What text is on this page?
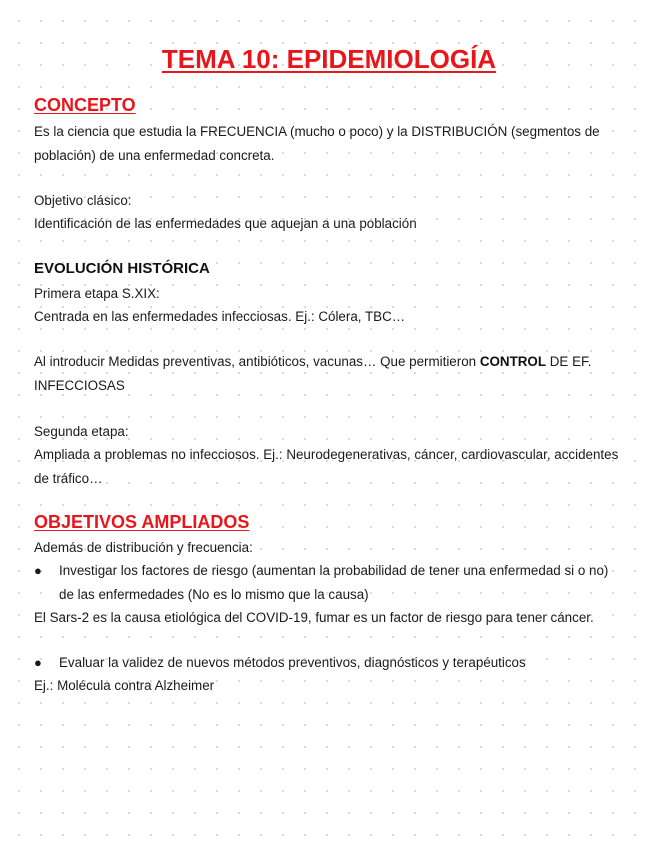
TEMA 10: EPIDEMIOLOGÍA
CONCEPTO

Es la ciencia que estudia la FRECUENCIA (mucho o poco) y la DISTRIBUCIÓN (segmentos de población) de una enfermedad concreta.

Objetivo clásico:

Identificación de las enfermedades que aquejan a una población

EVOLUCIÓN HISTÓRICA

Primera etapa S.XIX:

Centrada en las enfermedades infecciosas. Ej.: Cólera, TBC…

Al introducir Medidas preventivas, antibióticos, vacunas… Que permitieron CONTROL DE EF. INFECCIOSAS

Segunda etapa:

Ampliada a problemas no infecciosos. Ej.: Neurodegenerativas, cáncer, cardiovascular, accidentes de tráfico…

OBJETIVOS AMPLIADOS

Además de distribución y frecuencia:

● Investigar los factores de riesgo (aumentan la probabilidad de tener una enfermedad si o no) de las enfermedades (No es lo mismo que la causa)

El Sars-2 es la causa etiológica del COVID-19, fumar es un factor de riesgo para tener cáncer.

● Evaluar la validez de nuevos métodos preventivos, diagnósticos y terapéuticos

Ej.: Molécula contra Alzheimer
